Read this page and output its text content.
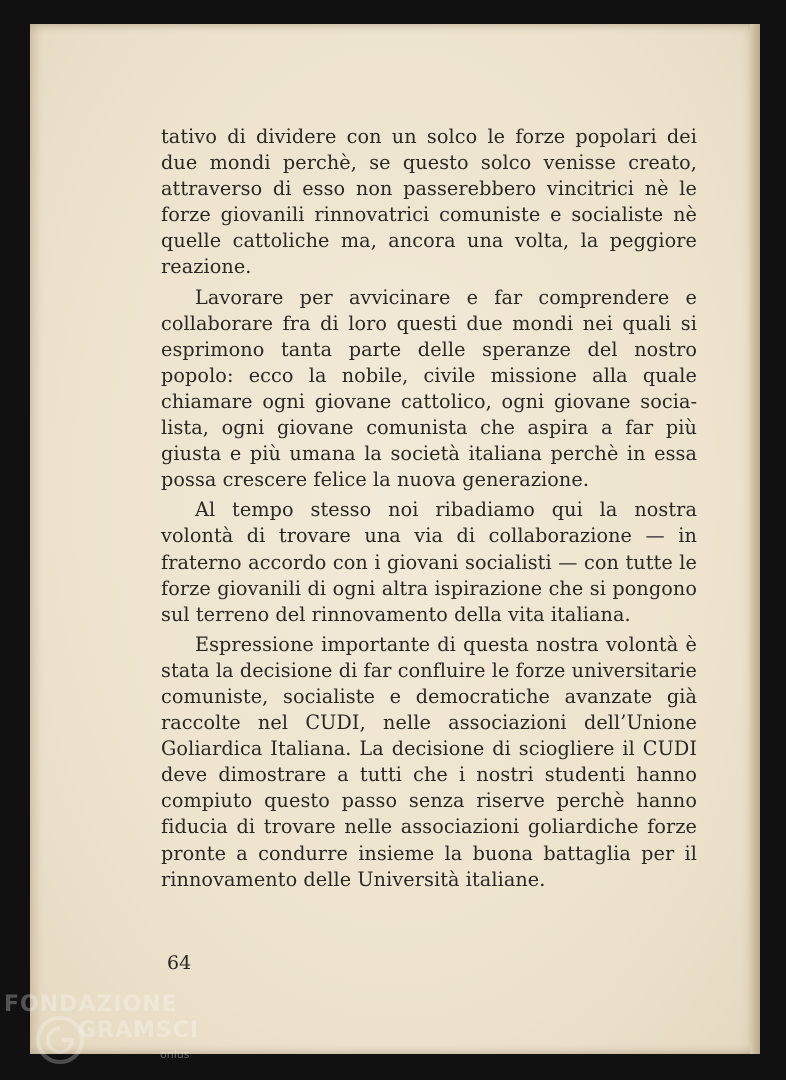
tativo di dividere con un solco le forze popolari dei due mondi perchè, se questo solco venisse creato, attraverso di esso non passerebbero vincitrici nè le forze giovanili rinnovatrici comuniste e socialiste nè quelle cattoliche ma, ancora una volta, la peggiore reazione.

Lavorare per avvicinare e far comprendere e collaborare fra di loro questi due mondi nei quali si esprimono tanta parte delle speranze del nostro popolo: ecco la nobile, civile missione alla quale chiamare ogni giovane cattolico, ogni giovane socialista, ogni giovane comunista che aspira a far più giusta e più umana la società italiana perchè in essa possa crescere felice la nuova generazione.

Al tempo stesso noi ribadiamo qui la nostra volontà di trovare una via di collaborazione — in fraterno accordo con i giovani socialisti — con tutte le forze giovanili di ogni altra ispirazione che si pongono sul terreno del rinnovamento della vita italiana.

Espressione importante di questa nostra volontà è stata la decisione di far confluire le forze universitarie comuniste, socialiste e democratiche avanzate già raccolte nel CUDI, nelle associazioni dell’Unione Goliardica Italiana. La decisione di sciogliere il CUDI deve dimostrare a tutti che i nostri studenti hanno compiuto questo passo senza riserve perchè hanno fiducia di trovare nelle associazioni goliardiche forze pronte a condurre insieme la buona battaglia per il rinnovamento delle Università italiane.

64
FONDAZIONE
GRAMSCI
onlus
